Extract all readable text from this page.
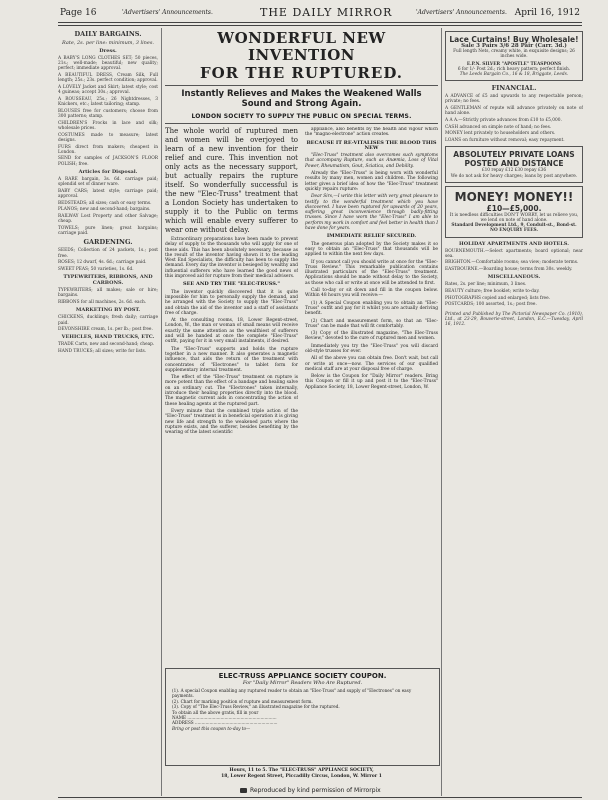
Page 16	'Advertisers' Announcements.	THE DAILY MIRROR	'Advertisers' Announcements. April 16, 1912
DAILY BARGAINS.
Rate, 2s. per line: minimum, 3 lines.
Dress.

A BABY'S LONG CLOTHES SET; 50 pieces, 21s.; well-made; beautiful; new quality; perfect; immediate approval.

A BEAUTIFUL DRESS, Cream Silk, Full length; 25s.; 23s. perfect condition; approval.

A LOVELY Jacket and Skirt; latest style; cost 4 guineas; accept 30s.; approval.

A ROUSSEAU, 25s.; 26 Nightdresses, 3 Knickers, etc.; latest tailoring; stamp.

BLOUSES free for customers; choose from 300 patterns; stamp.

CHILDREN'S Frocks in lace and silk; wholesale prices.

COSTUMES made to measure; latest designs.

FURS direct from makers; cheapest in London.

SEND for samples of JACKSON'S FLOOR POLISH; free.

Articles for Disposal.

A RARE bargain, 3s. 6d. carriage paid; splendid set of dinner ware.

BABY CARS; latest style; carriage paid; approval.

BEDSTEADS; all sizes; cash or easy terms.

PLANOS; new and second-hand; bargains.

RAILWAY Lost Property and other Salvage; cheap.

TOWELS; pure linen; great bargains; carriage paid.

GARDENING.

SEEDS; Collection of 24 packets, 1s.; post free.

ROSES; 12 dwarf, 4s. 6d.; carriage paid.

SWEET PEAS; 50 varieties, 1s. 6d.

TYPEWRITERS, RIBBONS, AND CARBONS.

TYPEWRITERS; all makes; sale or hire; bargains.

RIBBONS for all machines, 2s. 6d. each.

MARKETING BY POST.

CHICKENS, ducklings; fresh daily; carriage paid.

DEVONSHIRE cream, 1s. per lb.; post free.

VEHICLES, HAND TRUCKS, ETC.

TRADE Carts, new and second-hand; cheap.

HAND TRUCKS; all sizes; write for lists.

WONDERFUL NEW INVENTION
FOR THE RUPTURED.
Instantly Relieves and Makes the Weakened Walls Sound and Strong Again.
LONDON SOCIETY TO SUPPLY THE PUBLIC ON SPECIAL TERMS.

The whole world of ruptured men and women will be overjoyed to learn of a new invention for their relief and cure. This invention not only acts as the necessary support, but actually repairs the rupture itself. So wonderfully successful is the new "Elec-Truss" treatment that a London Society has undertaken to supply it to the Public on terms which will enable every sufferer to wear one without delay.

Extraordinary preparations have been made to prevent delay of supply to the thousands who will apply for one of these aids. This has been absolutely necessary, because as the result of the inventor having shown it to the leading West End Specialists, the difficulty has been to supply the demand. Every day the inventor is besieged by wealthy and influential sufferers who have learned the good news of this improved aid for rupture from their medical advisers.

SEE AND TRY THE "ELEC-TRUSS."

The inventor quickly discovered that it is quite impossible for him to personally supply the demand, and he arranged with the Society to supply the "Elec-Truss" and obtain the aid of the inventor and a staff of assistants free of charge.

At the consulting rooms, 18, Lower Regent-street, London, W., the man or woman of small means will receive exactly the same attention as the wealthiest of sufferers and will be handed at once the complete "Elec-Truss" outfit, paying for it in very small instalments, if desired.

The "Elec-Truss" supports and holds the rupture together in a new manner. It also generates a magnetic influence, that aids the return of the treatment with concentrates of "Electrones" to tablet form for supplementary internal treatment.

The effect of the "Elec-Truss" treatment on rupture is more potent than the effect of a bandage and healing salve on an ordinary cut. The "Electrones" taken internally, introduce their healing properties directly into the blood. The magnetic current aids in concentrating the action of these healing agents at the ruptured part.

Every minute that the combined triple action of the "Elec-Truss" treatment is in beneficial operation it is giving new life and strength to the weakened parts where the rupture exists, and the sufferer, besides benefiting by the wearing of the latest scientific

appliance, also benefits by the health and vigour which the "magno-electrone" action creates.

BECAUSE IT RE-VITALISES THE BLOOD THIS NEW

"Elec-Truss" treatment also overcomes such symptoms that accompany Rupture, such as Anæmia, Loss of Vital Power, Rheumatism, Gout, Sciatica, and Debility.

Already the "Elec-Truss" is being worn with wonderful results by many men, women and children. The following letter gives a brief idea of how the "Elec-Truss" treatment quickly repairs rupture:

Dear Sirs,—I write this letter with very great pleasure to testify to the wonderful treatment which you have discovered. I have been ruptured for upwards of 20 years, suffering great inconvenience through badly-fitting trusses. Since I have worn the "Elec-Truss" I am able to perform my work in comfort and feel better in health than I have done for years.

IMMEDIATE RELIEF SECURED.

The generous plan adopted by the Society makes it so easy to obtain an "Elec-Truss" that thousands will be applied to within the next few days.

If you cannot call you should write at once for the "Elec-Truss Review." This remarkable publication contains illustrated particulars of the "Elec-Truss" treatment. Applications should be made without delay to the Society, as those who call or write at once will be attended to first.

Call to-day or sit down and fill in the coupon below. Within 48 hours you will receive:—

(1) A Special Coupon enabling you to obtain an "Elec-Truss" outfit and pay for it whilst you are actually deriving benefit.

(2) Chart and measurement form, so that an "Elec-Truss" can be made that will fit comfortably.

(3) Copy of the illustrated magazine, "The Elec-Truss Review," devoted to the cure of ruptured men and women.

Immediately you try the "Elec-Truss" you will discard old-style trusses for ever.

All of the above you can obtain free. Don't wait, but call or write at once—now. The services of our qualified medical staff are at your disposal free of charge.

Below is the Coupon for "Daily Mirror" readers. Bring this Coupon or fill it up and post it to the "Elec-Truss" Appliance Society, 18, Lower Regent-street, London, W.

ELEC-TRUSS APPLIANCE SOCIETY COUPON.
For "Daily Mirror" Readers Who Are Ruptured.
(1). A special Coupon enabling any ruptured reader to obtain an "Elec-Truss" and supply of "Electrones" on easy payments.
(2). Chart for marking position of rupture and measurement form.
(3). Copy of "The Elec-Truss Review," an illustrated magazine for the ruptured.
To obtain all the above gratis, fill in your
NAME ...................................................................
ADDRESS ..............................................................
Bring or post this coupon to-day to—
Hours, 11 to 5. The "ELEC-TRUSS" APPLIANCE SOCIETY,
18, Lower Regent Street, Piccadilly Circus, London, W. Mirror 1
Lace Curtains! Buy Wholesale!
Sale 3 Pairs 3/6 28 Pair (Carr. 3d.)
Full length Nets, creamy white, in exquisite designs; 26 inches wide.
E.P.N. SILVER "APOSTLE" TEASPOONS
6 for 1/- Post 2d.; rich heavy pattern; perfect finish.
The Leeds Bargain Co., 16 & 18, Briggate, Leeds.
FINANCIAL.

A ADVANCE of £5 and upwards to any respectable person; private; no fees.

A GENTLEMAN of repute will advance privately on note of hand alone.

A A A.—Strictly private advances from £10 to £5,000.

CASH advanced on simple note of hand; no fees.

MONEY lent privately to householders and others.

LOANS on furniture without removal; easy repayment.

ABSOLUTELY PRIVATE LOANS POSTED AND DISTANCE
£10 repay £12 £30 repay £36
We do not ask for heavy charges; loans by post anywhere.
MONEY! MONEY!!
£10—£5,000.
It is needless difficulties DON'T WORRY, let us relieve you, we lend on note of hand alone.
Standard Development Ltd., 9, Conduit-st., Bond-st. NO ENQUIRY FEES.
HOLIDAY APARTMENTS AND HOTELS.

BOURNEMOUTH.—Select apartments; board optional; near sea.

BRIGHTON.—Comfortable rooms; sea view; moderate terms.

EASTBOURNE.—Boarding house; terms from 30s. weekly.

MISCELLANEOUS.

Rates, 2s. per line; minimum, 3 lines.

BEAUTY culture; free booklet; write to-day.

PHOTOGRAPHS copied and enlarged; lists free.

POSTCARDS; 100 assorted, 1s.; post free.

Printed and Published by The Pictorial Newspaper Co. (1910), Ltd., at 23-29, Bouverie-street, London, E.C.—Tuesday, April 16, 1912.

Reproduced by kind permission of Mirrorpix
